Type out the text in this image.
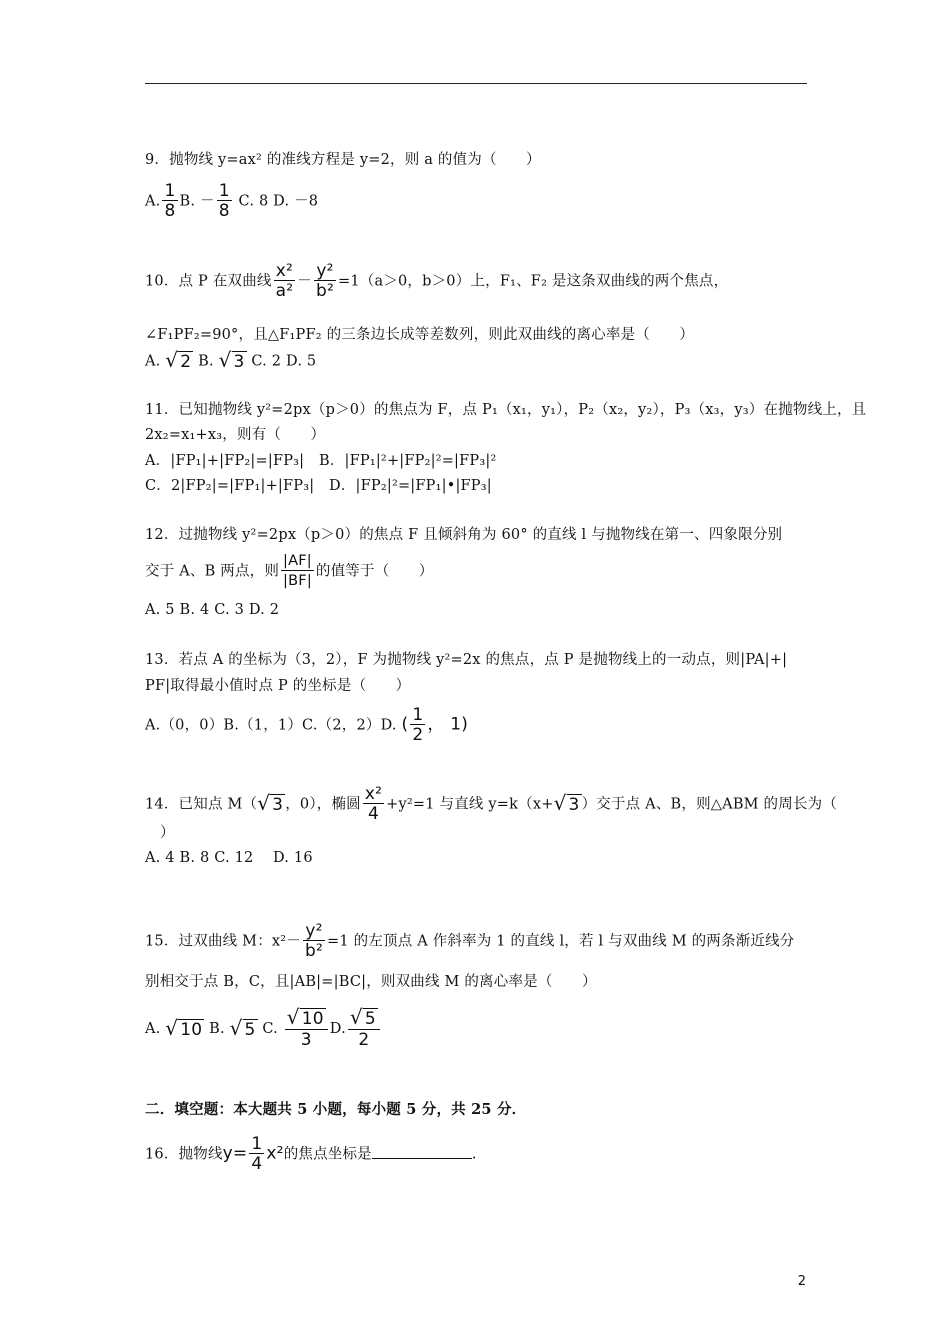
9．抛物线 y=ax² 的准线方程是 y=2，则 a 的值为（　　）
A. $\frac{1}{8} B$. － $\frac{1}{8} C$. 8 D. －8
10．点 P 在双曲线 $\frac{\text{x²}}{\text{a²}} - \frac{\text{y²}}{\text{b²}} =1(a>0$，b＞0）上，F₁、F₂ 是这条双曲线的两个焦点，
∠F₁PF₂=90°，且△F₁PF₂ 的三条边长成等差数列，则此双曲线的离心率是（　　）
A. √ 2 B. √ 3 C. 2 D. 5
11．已知抛物线 y²=2px（p＞0）的焦点为 F，点 P₁（x₁，y₁），P₂（x₂，y₂），P₃（x₃，y₃）在抛物线上，且
2x₂=x₁+x₃，则有（　　）
A．|FP₁|+|FP₂|=|FP₃|　B．|FP₁|²+|FP₂|²=|FP₃|²
C．2|FP₂|=|FP₁|+|FP₃|　D．|FP₂|²=|FP₁|•|FP₃|
12．过抛物线 y²=2px（p＞0）的焦点 F 且倾斜角为 60° 的直线 l 与抛物线在第一、四象限分别
交于 A、B 两点，则 $\frac{|AF|}{|BF|}$ 的值等于（　　）
A. 5 B. 4 C. 3 D. 2
13．若点 A 的坐标为（3，2），F 为抛物线 y²=2x 的焦点，点 P 是抛物线上的一动点，则|PA|+|
PF|取得最小值时点 P 的坐标是（　　）
A.（0，0）B.（1，1）C.（2，2）D. ( $\frac{1}{2}$ ， 1)
14．已知点 M（√ 3 ，0），椭圆 $\frac{\text{x²}}{4} +y^2=1$ 与直线 y=k（x+√ 3 ）交于点 A、B，则△ABM 的周长为（
）
A. 4 B. 8 C. 12　 D. 16
15．过双曲线 M：$x^2- \frac{\text{y²}}{\text{b²}} =1$ 的左顶点 A 作斜率为 1 的直线 l，若 l 与双曲线 M 的两条渐近线分
别相交于点 B，C，且|AB|=|BC|，则双曲线 M 的离心率是（　　）
A. √ 10 B. √ 5 C. $\frac{√ 10}{3} D$. $\frac{√ 5}{2}$
二．填空题：本大题共 5 小题，每小题 5 分，共 25 分．
16．抛物线$y= \frac{1}{4} x^2$的焦点坐标是	.
2
